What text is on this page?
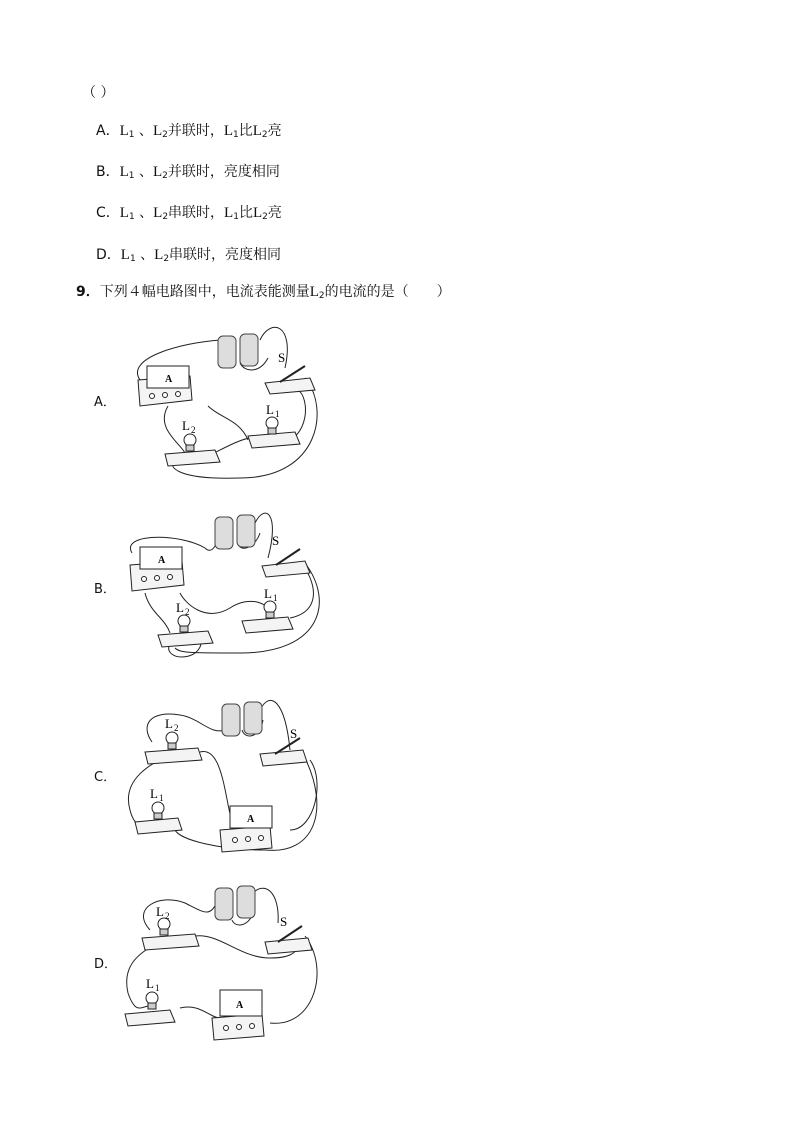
（ ）
A．$L_1$ 、$L_2$并联时，$L_1$比$L_2$亮
B．$L_1$ 、$L_2$并联时，亮度相同
C．$L_1$ 、$L_2$串联时，$L_1$比$L_2$亮
D．$L_1$ 、$L_2$串联时，亮度相同
9．下列４幅电路图中，电流表能测量$L_2$的电流的是（　　）
A．
B．
C．
D．
A
S
L 1
L 2
A
S
L 1
L 2
L 2	S
L 1
A
L 2	S
L 1
A
